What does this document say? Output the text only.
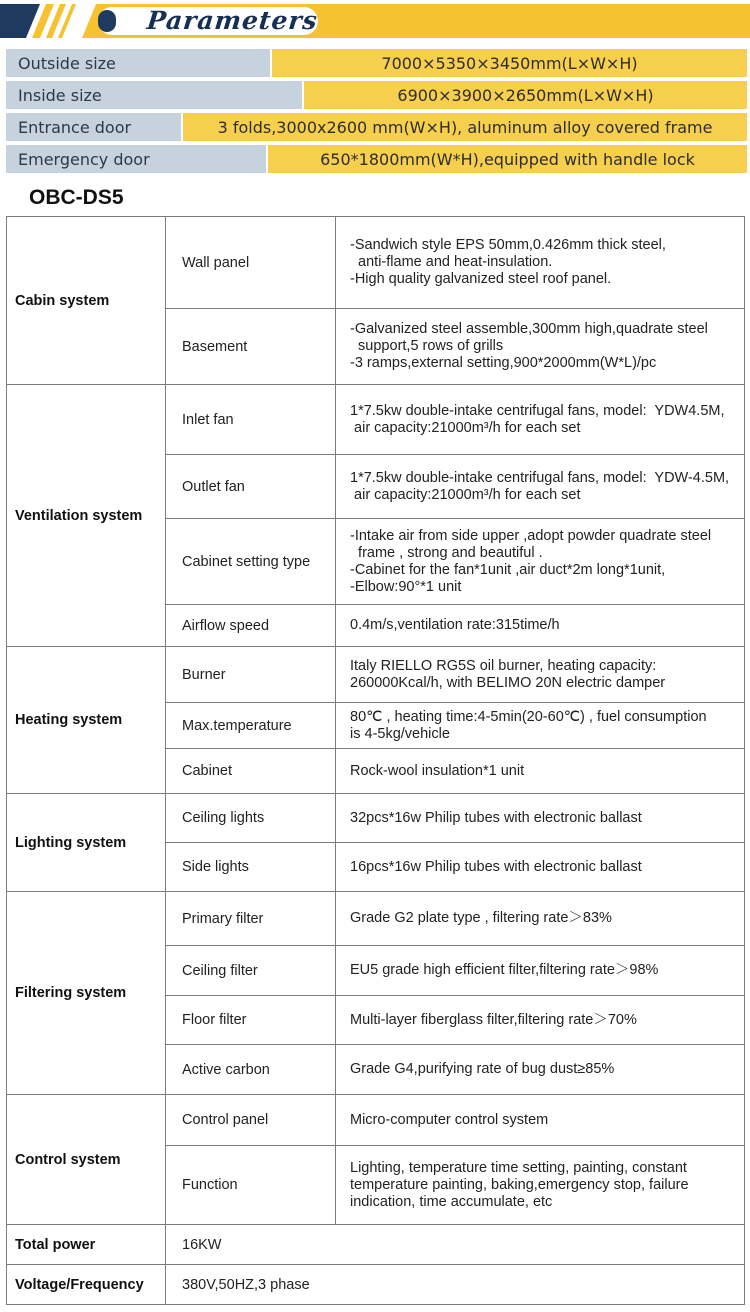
Parameters
Outside size	7000×5350×3450mm(L×W×H)
Inside size	6900×3900×2650mm(L×W×H)
Entrance door	3 folds,3000x2600 mm(W×H), aluminum alloy covered frame
Emergency door	650*1800mm(W*H),equipped with handle lock
OBC-DS5
Cabin system	Wall panel	-Sandwich style EPS 50mm,0.426mm thick steel,
anti-flame and heat-insulation.
-High quality galvanized steel roof panel.

	Basement	-Galvanized steel assemble,300mm high,quadrate steel
support,5 rows of grills
-3 ramps,external setting,900*2000mm(W*L)/pc

Ventilation system	Inlet fan	1*7.5kw double-intake centrifugal fans, model:  YDW4.5M,
air capacity:21000m³/h for each set

	Outlet fan	1*7.5kw double-intake centrifugal fans, model:  YDW-4.5M,
air capacity:21000m³/h for each set

	Cabinet setting type	-Intake air from side upper ,adopt powder quadrate steel
frame , strong and beautiful .
-Cabinet for the fan*1unit ,air duct*2m long*1unit,
-Elbow:90°*1 unit

	Airflow speed	0.4m/s,ventilation rate:315time/h

Heating system	Burner	Italy RIELLO RG5S oil burner, heating capacity:
260000Kcal/h, with BELIMO 20N electric damper

	Max.temperature	80℃ , heating time:4-5min(20-60℃) , fuel consumption
is 4-5kg/vehicle

	Cabinet	Rock-wool insulation*1 unit

Lighting system	Ceiling lights	32pcs*16w Philip tubes with electronic ballast

	Side lights	16pcs*16w Philip tubes with electronic ballast

Filtering system	Primary filter	Grade G2 plate type , filtering rate＞83%

	Ceiling filter	EU5 grade high efficient filter,filtering rate＞98%

	Floor filter	Multi-layer fiberglass filter,filtering rate＞70%

	Active carbon	Grade G4,purifying rate of bug dust≥85%

Control system	Control panel	Micro-computer control system

	Function	Lighting, temperature time setting, painting, constant
temperature painting, baking,emergency stop, failure
indication, time accumulate, etc

Total power	16KW	
Voltage/Frequency	380V,50HZ,3 phase	
